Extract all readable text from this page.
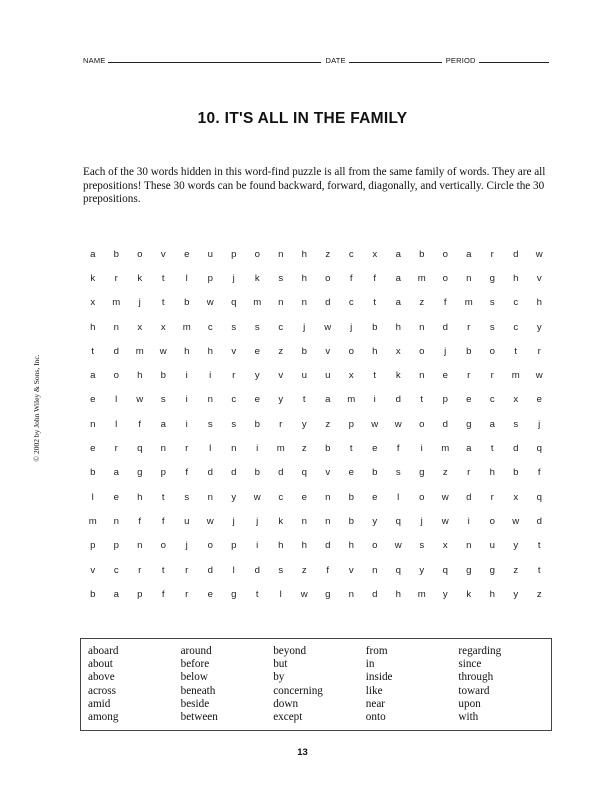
NAME	DATE	PERIOD
10. IT'S ALL IN THE FAMILY
Each of the 30 words hidden in this word-find puzzle is all from the same family of words. They are all prepositions! These 30 words can be found backward, forward, diagonally, and vertically. Circle the 30 prepositions.
© 2002 by John Wiley & Sons, Inc.
a	b	o	v	e	u	p	o	n	h	z	c	x	a	b	o	a	r	d	w
k	r	k	t	l	p	j	k	s	h	o	f	f	a	m	o	n	g	h	v
x	m	j	t	b	w	q	m	n	n	d	c	t	a	z	f	m	s	c	h
h	n	x	x	m	c	s	s	c	j	w	j	b	h	n	d	r	s	c	y
t	d	m	w	h	h	v	e	z	b	v	o	h	x	o	j	b	o	t	r
a	o	h	b	i	i	r	y	v	u	u	x	t	k	n	e	r	r	m	w
e	l	w	s	i	n	c	e	y	t	a	m	i	d	t	p	e	c	x	e
n	l	f	a	i	s	s	b	r	y	z	p	w	w	o	d	g	a	s	j
e	r	q	n	r	l	n	i	m	z	b	t	e	f	i	m	a	t	d	q
b	a	g	p	f	d	d	b	d	q	v	e	b	s	g	z	r	h	b	f
l	e	h	t	s	n	y	w	c	e	n	b	e	l	o	w	d	r	x	q
m	n	f	f	u	w	j	j	k	n	n	b	y	q	j	w	i	o	w	d
p	p	n	o	j	o	p	i	h	h	d	h	o	w	s	x	n	u	y	t
v	c	r	t	r	d	l	d	s	z	f	v	n	q	y	q	g	g	z	t
b	a	p	f	r	e	g	t	l	w	g	n	d	h	m	y	k	h	y	z
aboard
about
above
across
amid
among
around
before
below
beneath
beside
between
beyond
but
by
concerning
down
except
from
in
inside
like
near
onto
regarding
since
through
toward
upon
with
13
